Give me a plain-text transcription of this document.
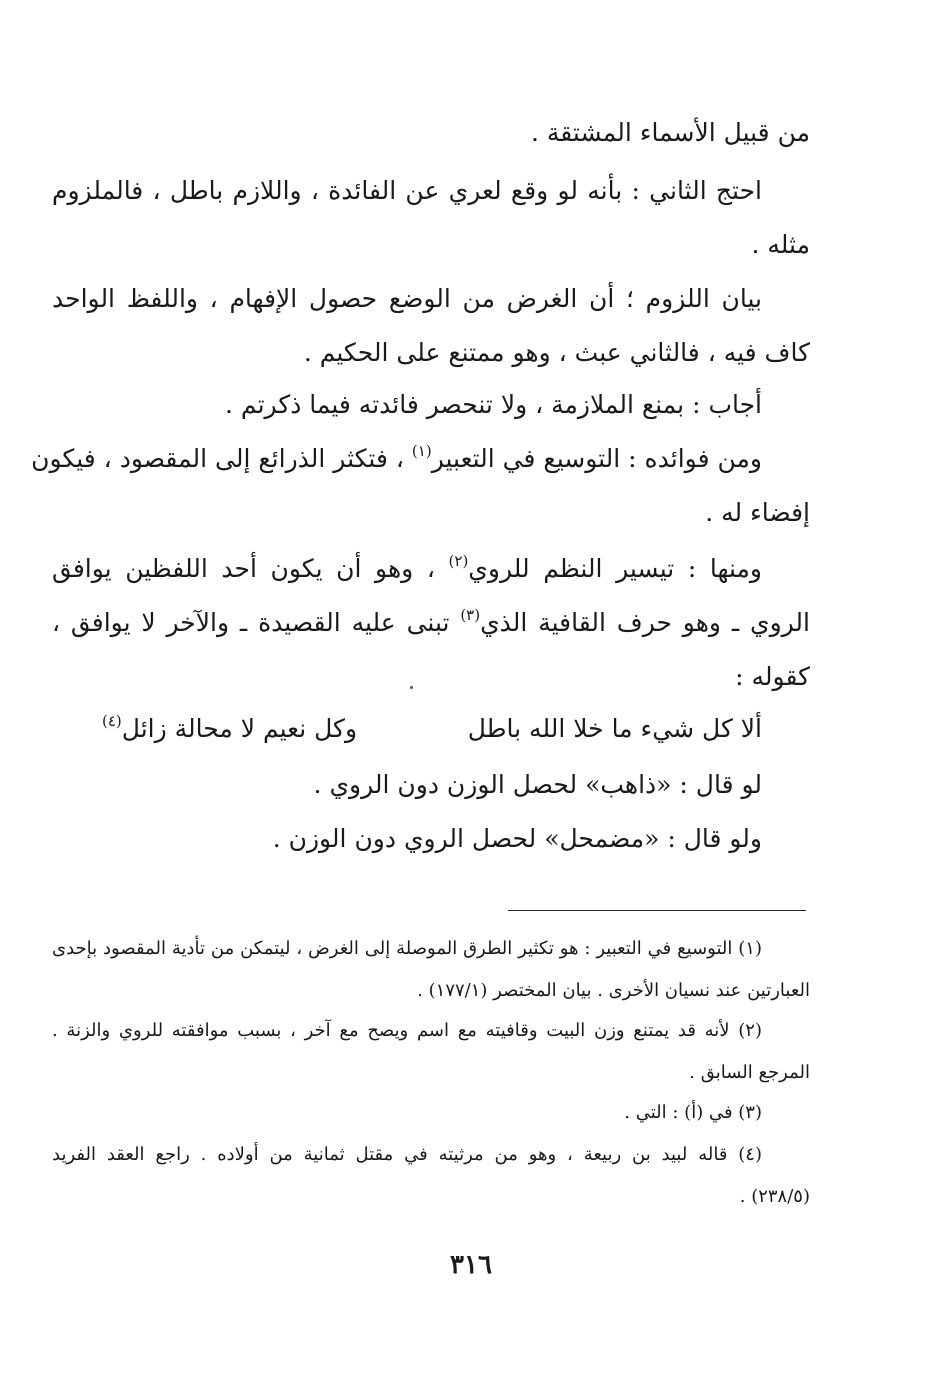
من قبيل الأسماء المشتقة .
احتج الثاني : بأنه لو وقع لعري عن الفائدة ، واللازم باطل ، فالملزوم
مثله .
بيان اللزوم ؛ أن الغرض من الوضع حصول الإفهام ، واللفظ الواحد
كاف فيه ، فالثاني عبث ، وهو ممتنع على الحكيم .
أجاب : بمنع الملازمة ، ولا تنحصر فائدته فيما ذكرتم .
ومن فوائده : التوسيع في التعبير$^{(١)}$ ، فتكثر الذرائع إلى المقصود ، فيكون
إفضاء له .
ومنها : تيسير النظم للروي$^{(٢)}$ ، وهو أن يكون أحد اللفظين يوافق
الروي ـ وهو حرف القافية الذي$^{(٣)}$ تبنى عليه القصيدة ـ والآخر لا يوافق ،
كقوله :
ألا كل شيء ما خلا الله باطل
وكل نعيم لا محالة زائل$^{(٤)}$
لو قال : «ذاهب» لحصل الوزن دون الروي .
ولو قال : «مضمحل» لحصل الروي دون الوزن .
(١) التوسيع في التعبير : هو تكثير الطرق الموصلة إلى الغرض ، ليتمكن من تأدية المقصود بإحدى
العبارتين عند نسيان الأخرى . بيان المختصر (١٧٧/١) .
(٢) لأنه قد يمتنع وزن البيت وقافيته مع اسم ويصح مع آخر ، بسبب موافقته للروي والزنة .
المرجع السابق .
(٣) في (أ) : التي .
(٤) قاله لبيد بن ربيعة ، وهو من مرثيته في مقتل ثمانية من أولاده . راجع العقد الفريد
(٢٣٨/٥) .
٣١٦
